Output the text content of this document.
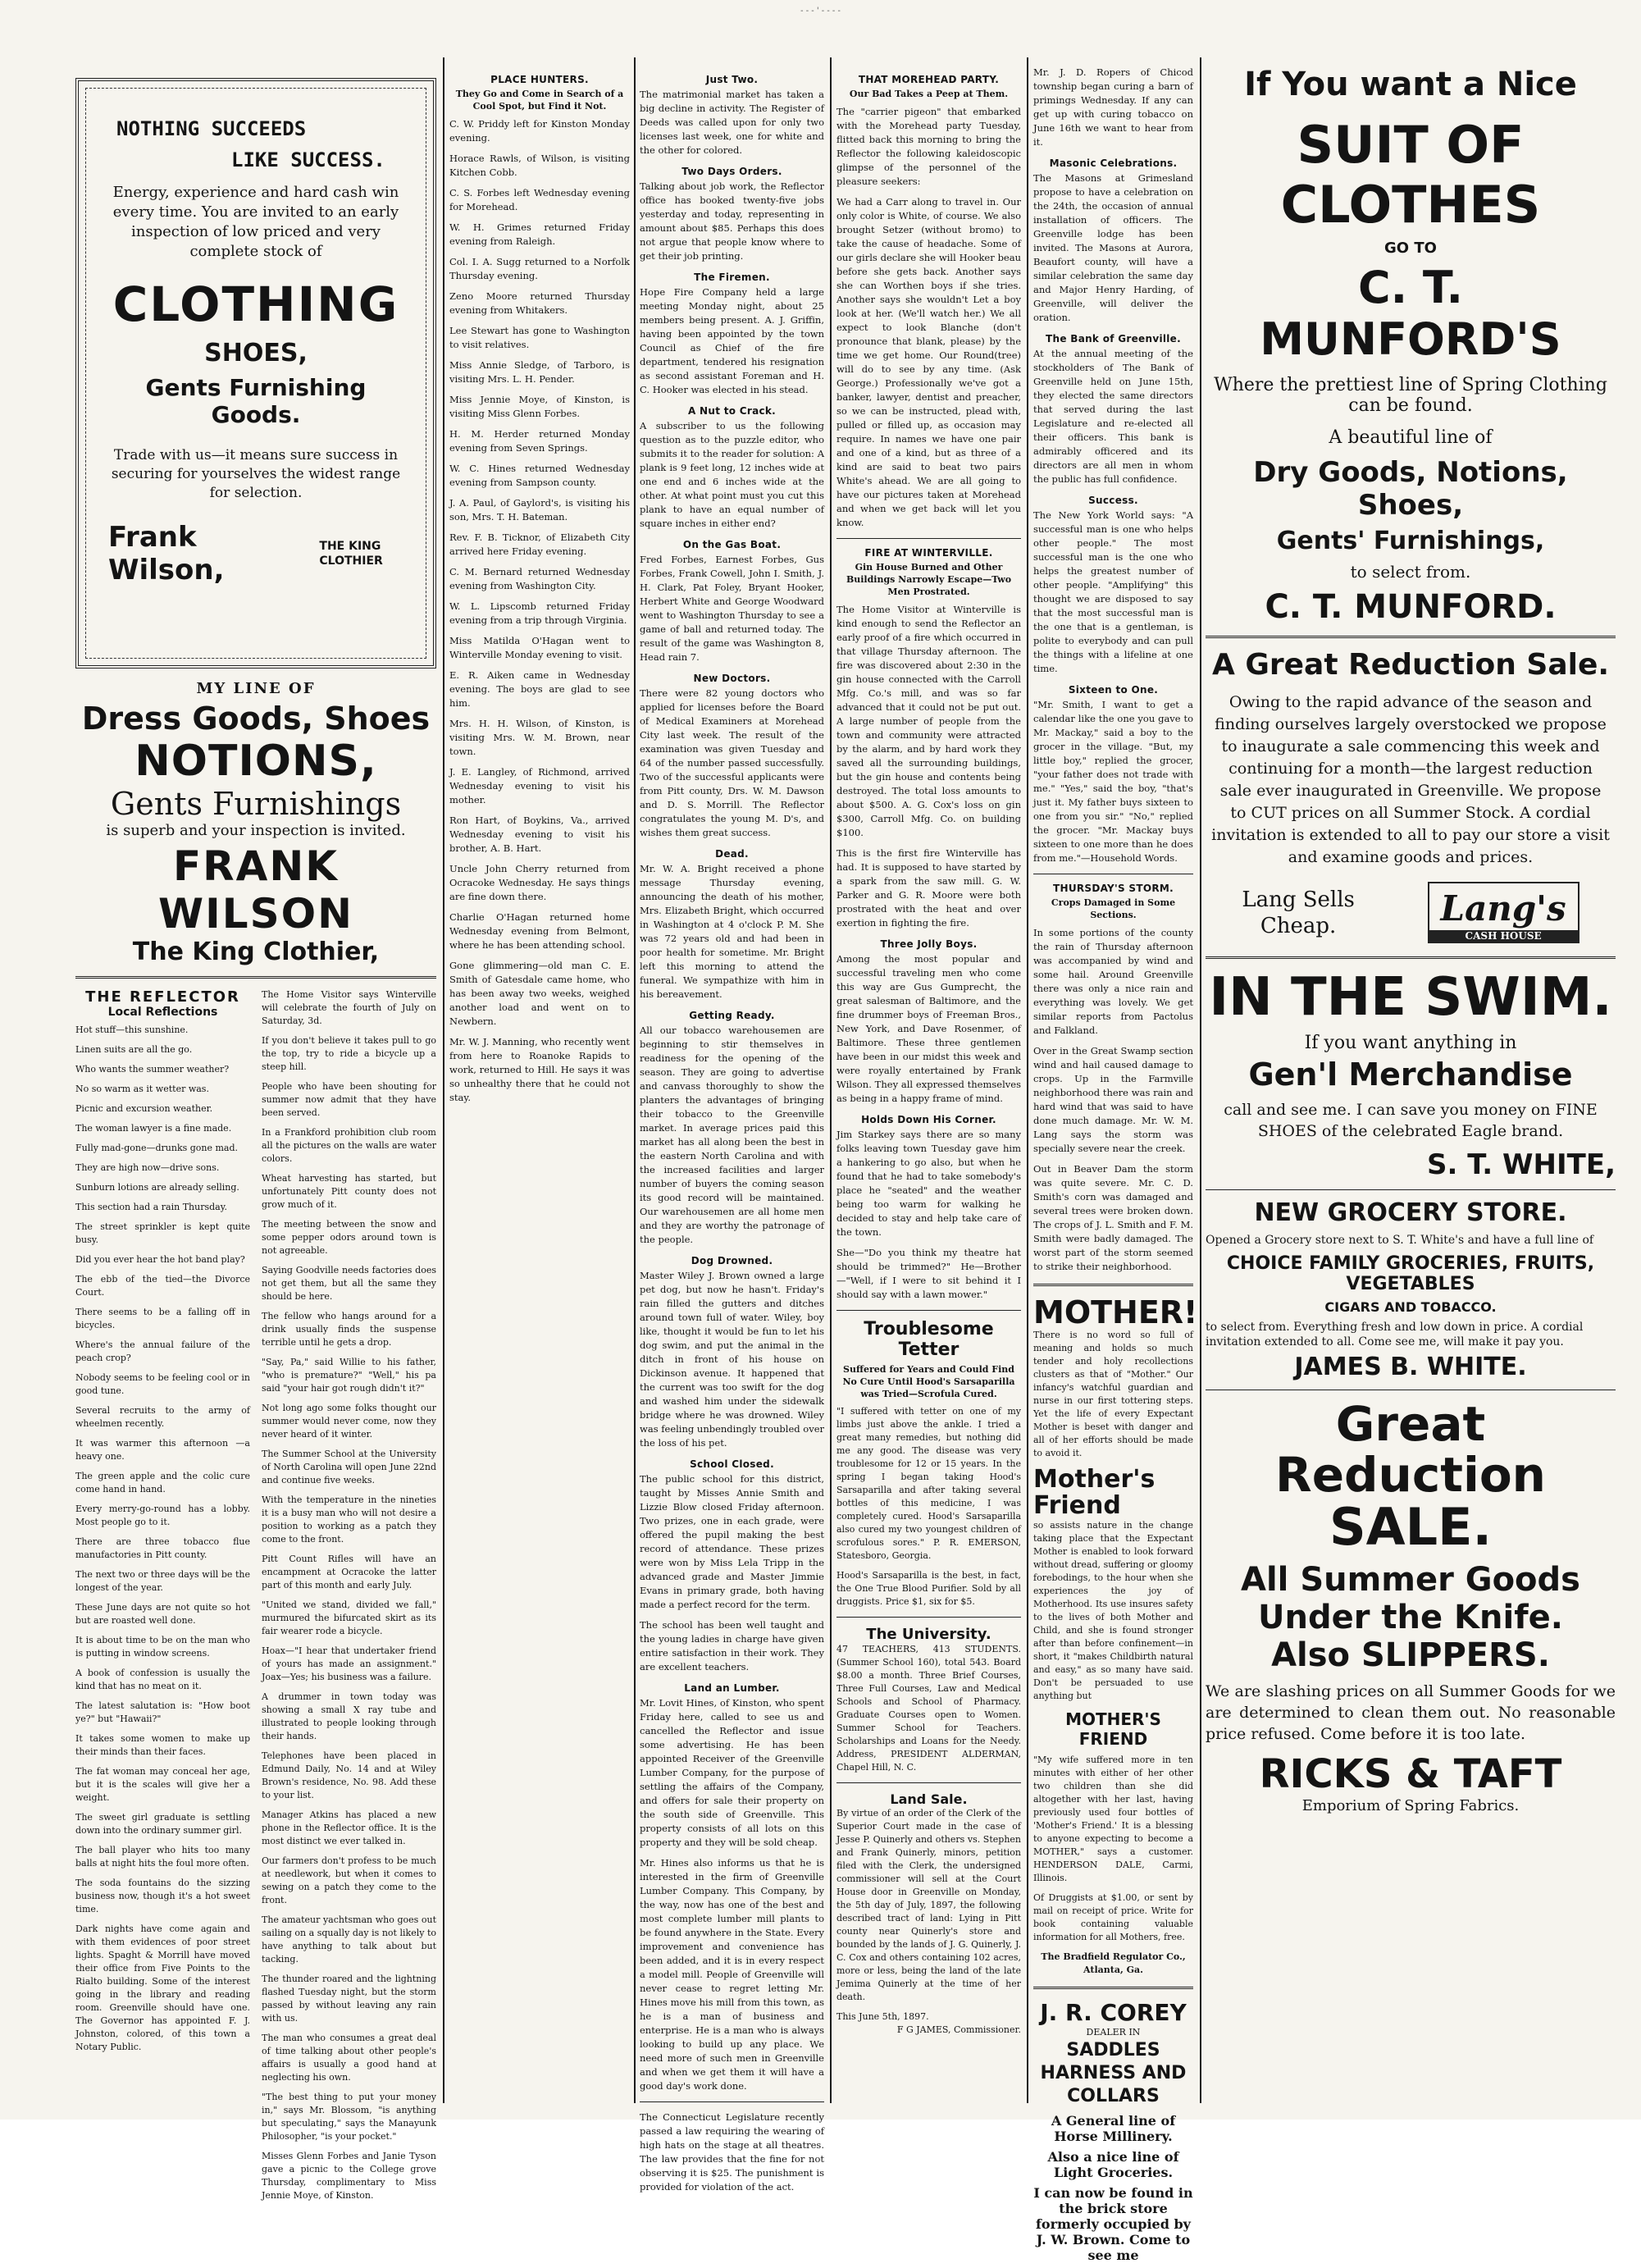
- - - ' - - - -
NOTHING SUCCEEDS
LIKE SUCCESS.

Energy, experience and hard cash win every time. You are invited to an early inspection of low priced and very complete stock of

CLOTHING
SHOES,
Gents Furnishing Goods.

Trade with us—it means sure success in securing for yourselves the widest range for selection.

Frank Wilson,
THE KING CLOTHIER
MY LINE OF
Dress Goods, Shoes
NOTIONS,
Gents Furnishings
is superb and your inspection is invited.
FRANK WILSON
The King Clothier,
THE REFLECTOR
Local Reflections

Hot stuff—this sunshine.

Linen suits are all the go.

Who wants the summer weather?

No so warm as it wetter was.

Picnic and excursion weather.

The woman lawyer is a fine made.

Fully mad-gone—drunks gone mad.

They are high now—drive sons.

Sunburn lotions are already selling.

This section had a rain Thursday.

The street sprinkler is kept quite busy.

Did you ever hear the hot band play?

The ebb of the tied—the Divorce Court.

There seems to be a falling off in bicycles.

Where's the annual failure of the peach crop?

Nobody seems to be feeling cool or in good tune.

Several recruits to the army of wheelmen recently.

It was warmer this afternoon —a heavy one.

The green apple and the colic cure come hand in hand.

Every merry-go-round has a lobby. Most people go to it.

There are three tobacco flue manufactories in Pitt county.

The next two or three days will be the longest of the year.

These June days are not quite so hot but are roasted well done.

It is about time to be on the man who is putting in window screens.

A book of confession is usually the kind that has no meat on it.

The latest salutation is: "How boot ye?" but "Hawaii?"

It takes some women to make up their minds than their faces.

The fat woman may conceal her age, but it is the scales will give her a weight.

The sweet girl graduate is settling down into the ordinary summer girl.

The ball player who hits too many balls at night hits the foul more often.

The soda fountains do the sizzing business now, though it's a hot sweet time.

Dark nights have come again and with them evidences of poor street lights. Spaght & Morrill have moved their office from Five Points to the Rialto building. Some of the interest going in the library and reading room. Greenville should have one. The Governor has appointed F. J. Johnston, colored, of this town a Notary Public.

The Home Visitor says Winterville will celebrate the fourth of July on Saturday, 3d.

If you don't believe it takes pull to go the top, try to ride a bicycle up a steep hill.

People who have been shouting for summer now admit that they have been served.

In a Frankford prohibition club room all the pictures on the walls are water colors.

Wheat harvesting has started, but unfortunately Pitt county does not grow much of it.

The meeting between the snow and some pepper odors around town is not agreeable.

Saying Goodville needs factories does not get them, but all the same they should be here.

The fellow who hangs around for a drink usually finds the suspense terrible until he gets a drop.

"Say, Pa," said Willie to his father, "who is premature?" "Well," his pa said "your hair got rough didn't it?"

Not long ago some folks thought our summer would never come, now they never heard of it winter.

The Summer School at the University of North Carolina will open June 22nd and continue five weeks.

With the temperature in the nineties it is a busy man who will not desire a position to working as a patch they come to the front.

Pitt Count Rifles will have an encampment at Ocracoke the latter part of this month and early July.

"United we stand, divided we fall," murmured the bifurcated skirt as its fair wearer rode a bicycle.

Hoax—"I hear that undertaker friend of yours has made an assignment." Joax—Yes; his business was a failure.

A drummer in town today was showing a small X ray tube and illustrated to people looking through their hands.

Telephones have been placed in Edmund Daily, No. 14 and at Wiley Brown's residence, No. 98. Add these to your list.

Manager Atkins has placed a new phone in the Reflector office. It is the most distinct we ever talked in.

Our farmers don't profess to be much at needlework, but when it comes to sewing on a patch they come to the front.

The amateur yachtsman who goes out sailing on a squally day is not likely to have anything to talk about but tacking.

The thunder roared and the lightning flashed Tuesday night, but the storm passed by without leaving any rain with us.

The man who consumes a great deal of time talking about other people's affairs is usually a good hand at neglecting his own.

"The best thing to put your money in," says Mr. Blossom, "is anything but speculating," says the Manayunk Philosopher, "is your pocket."

Misses Glenn Forbes and Janie Tyson gave a picnic to the College grove Thursday, complimentary to Miss Jennie Moye, of Kinston.

PLACE HUNTERS.
They Go and Come in Search of a Cool Spot, but Find it Not.

C. W. Priddy left for Kinston Monday evening.

Horace Rawls, of Wilson, is visiting Kitchen Cobb.

C. S. Forbes left Wednesday evening for Morehead.

W. H. Grimes returned Friday evening from Raleigh.

Col. I. A. Sugg returned to a Norfolk Thursday evening.

Zeno Moore returned Thursday evening from Whitakers.

Lee Stewart has gone to Washington to visit relatives.

Miss Annie Sledge, of Tarboro, is visiting Mrs. L. H. Pender.

Miss Jennie Moye, of Kinston, is visiting Miss Glenn Forbes.

H. M. Herder returned Monday evening from Seven Springs.

W. C. Hines returned Wednesday evening from Sampson county.

J. A. Paul, of Gaylord's, is visiting his son, Mrs. T. H. Bateman.

Rev. F. B. Ticknor, of Elizabeth City arrived here Friday evening.

C. M. Bernard returned Wednesday evening from Washington City.

W. L. Lipscomb returned Friday evening from a trip through Virginia.

Miss Matilda O'Hagan went to Winterville Monday evening to visit.

E. R. Aiken came in Wednesday evening. The boys are glad to see him.

Mrs. H. H. Wilson, of Kinston, is visiting Mrs. W. M. Brown, near town.

J. E. Langley, of Richmond, arrived Wednesday evening to visit his mother.

Ron Hart, of Boykins, Va., arrived Wednesday evening to visit his brother, A. B. Hart.

Uncle John Cherry returned from Ocracoke Wednesday. He says things are fine down there.

Charlie O'Hagan returned home Wednesday evening from Belmont, where he has been attending school.

Gone glimmering—old man C. E. Smith of Gatesdale came home, who has been away two weeks, weighed another load and went on to Newbern.

Mr. W. J. Manning, who recently went from here to Roanoke Rapids to work, returned to Hill. He says it was so unhealthy there that he could not stay.

Just Two.

The matrimonial market has taken a big decline in activity. The Register of Deeds was called upon for only two licenses last week, one for white and the other for colored.

Two Days Orders.

Talking about job work, the Reflector office has booked twenty-five jobs yesterday and today, representing in amount about $85. Perhaps this does not argue that people know where to get their job printing.

The Firemen.

Hope Fire Company held a large meeting Monday night, about 25 members being present. A. J. Griffin, having been appointed by the town Council as Chief of the fire department, tendered his resignation as second assistant Foreman and H. C. Hooker was elected in his stead.

A Nut to Crack.

A subscriber to us the following question as to the puzzle editor, who submits it to the reader for solution: A plank is 9 feet long, 12 inches wide at one end and 6 inches wide at the other. At what point must you cut this plank to have an equal number of square inches in either end?

On the Gas Boat.

Fred Forbes, Earnest Forbes, Gus Forbes, Frank Cowell, John I. Smith, J. H. Clark, Pat Foley, Bryant Hooker, Herbert White and George Woodward went to Washington Thursday to see a game of ball and returned today. The result of the game was Washington 8, Head rain 7.

New Doctors.

There were 82 young doctors who applied for licenses before the Board of Medical Examiners at Morehead City last week. The result of the examination was given Tuesday and 64 of the number passed successfully. Two of the successful applicants were from Pitt county, Drs. W. M. Dawson and D. S. Morrill. The Reflector congratulates the young M. D's, and wishes them great success.

Dead.

Mr. W. A. Bright received a phone message Thursday evening, announcing the death of his mother, Mrs. Elizabeth Bright, which occurred in Washington at 4 o'clock P. M. She was 72 years old and had been in poor health for sometime. Mr. Bright left this morning to attend the funeral. We sympathize with him in his bereavement.

Getting Ready.

All our tobacco warehousemen are beginning to stir themselves in readiness for the opening of the season. They are going to advertise and canvass thoroughly to show the planters the advantages of bringing their tobacco to the Greenville market. In average prices paid this market has all along been the best in the eastern North Carolina and with the increased facilities and larger number of buyers the coming season its good record will be maintained. Our warehousemen are all home men and they are worthy the patronage of the people.

Dog Drowned.

Master Wiley J. Brown owned a large pet dog, but now he hasn't. Friday's rain filled the gutters and ditches around town full of water. Wiley, boy like, thought it would be fun to let his dog swim, and put the animal in the ditch in front of his house on Dickinson avenue. It happened that the current was too swift for the dog and washed him under the sidewalk bridge where he was drowned. Wiley was feeling unbendingly troubled over the loss of his pet.

School Closed.

The public school for this district, taught by Misses Annie Smith and Lizzie Blow closed Friday afternoon. Two prizes, one in each grade, were offered the pupil making the best record of attendance. These prizes were won by Miss Lela Tripp in the advanced grade and Master Jimmie Evans in primary grade, both having made a perfect record for the term.

The school has been well taught and the young ladies in charge have given entire satisfaction in their work. They are excellent teachers.

Land an Lumber.

Mr. Lovit Hines, of Kinston, who spent Friday here, called to see us and cancelled the Reflector and issue some advertising. He has been appointed Receiver of the Greenville Lumber Company, for the purpose of settling the affairs of the Company, and offers for sale their property on the south side of Greenville. This property consists of all lots on this property and they will be sold cheap.

Mr. Hines also informs us that he is interested in the firm of Greenville Lumber Company. This Company, by the way, now has one of the best and most complete lumber mill plants to be found anywhere in the State. Every improvement and convenience has been added, and it is in every respect a model mill. People of Greenville will never cease to regret letting Mr. Hines move his mill from this town, as he is a man of business and enterprise. He is a man who is always looking to build up any place. We need more of such men in Greenville and when we get them it will have a good day's work done.

The Connecticut Legislature recently passed a law requiring the wearing of high hats on the stage at all theatres. The law provides that the fine for not observing it is $25. The punishment is provided for violation of the act.

THAT MOREHEAD PARTY.
Our Bad Takes a Peep at Them.

The "carrier pigeon" that embarked with the Morehead party Tuesday, flitted back this morning to bring the Reflector the following kaleidoscopic glimpse of the personnel of the pleasure seekers:

We had a Carr along to travel in. Our only color is White, of course. We also brought Setzer (without bromo) to take the cause of headache. Some of our girls declare she will Hooker beau before she gets back. Another says she can Worthen boys if she tries. Another says she wouldn't Let a boy look at her. (We'll watch her.) We all expect to look Blanche (don't pronounce that blank, please) by the time we get home. Our Round(tree) will do to see by any time. (Ask George.) Professionally we've got a banker, lawyer, dentist and preacher, so we can be instructed, plead with, pulled or filled up, as occasion may require. In names we have one pair and one of a kind, but as three of a kind are said to beat two pairs White's ahead. We are all going to have our pictures taken at Morehead and when we get back will let you know.

FIRE AT WINTERVILLE.
Gin House Burned and Other Buildings Narrowly Escape—Two Men Prostrated.

The Home Visitor at Winterville is kind enough to send the Reflector an early proof of a fire which occurred in that village Thursday afternoon. The fire was discovered about 2:30 in the gin house connected with the Carroll Mfg. Co.'s mill, and was so far advanced that it could not be put out. A large number of people from the town and community were attracted by the alarm, and by hard work they saved all the surrounding buildings, but the gin house and contents being destroyed. The total loss amounts to about $500. A. G. Cox's loss on gin $300, Carroll Mfg. Co. on building $100.

This is the first fire Winterville has had. It is supposed to have started by a spark from the saw mill. G. W. Parker and G. R. Moore were both prostrated with the heat and over exertion in fighting the fire.

Three Jolly Boys.

Among the most popular and successful traveling men who come this way are Gus Gumprecht, the great salesman of Baltimore, and the fine drummer boys of Freeman Bros., New York, and Dave Rosenmer, of Baltimore. These three gentlemen have been in our midst this week and were royally entertained by Frank Wilson. They all expressed themselves as being in a happy frame of mind.

Holds Down His Corner.

Jim Starkey says there are so many folks leaving town Tuesday gave him a hankering to go also, but when he found that he had to take somebody's place he "seated" and the weather being too warm for walking he decided to stay and help take care of the town.

She—"Do you think my theatre hat should be trimmed?" He—Brother—"Well, if I were to sit behind it I should say with a lawn mower."

Troublesome Tetter
Suffered for Years and Could Find No Cure Until Hood's Sarsaparilla was Tried—Scrofula Cured.

"I suffered with tetter on one of my limbs just above the ankle. I tried a great many remedies, but nothing did me any good. The disease was very troublesome for 12 or 15 years. In the spring I began taking Hood's Sarsaparilla and after taking several bottles of this medicine, I was completely cured. Hood's Sarsaparilla also cured my two youngest children of scrofulous sores." P. R. EMERSON, Statesboro, Georgia.

Hood's Sarsaparilla is the best, in fact, the One True Blood Purifier. Sold by all druggists. Price $1, six for $5.

The University.

47 TEACHERS, 413 STUDENTS. (Summer School 160), total 543. Board $8.00 a month. Three Brief Courses, Three Full Courses, Law and Medical Schools and School of Pharmacy. Graduate Courses open to Women. Summer School for Teachers. Scholarships and Loans for the Needy. Address, PRESIDENT ALDERMAN, Chapel Hill, N. C.

Land Sale.

By virtue of an order of the Clerk of the Superior Court made in the case of Jesse P. Quinerly and others vs. Stephen and Frank Quinerly, minors, petition filed with the Clerk, the undersigned commissioner will sell at the Court House door in Greenville on Monday, the 5th day of July, 1897, the following described tract of land: Lying in Pitt county near Quinerly's store and bounded by the lands of J. G. Quinerly, J. C. Cox and others containing 102 acres, more or less, being the land of the late Jemima Quinerly at the time of her death.

This June 5th, 1897.
F G JAMES, Commissioner.

Mr. J. D. Ropers of Chicod township began curing a barn of primings Wednesday. If any can get up with curing tobacco on June 16th we want to hear from it.

Masonic Celebrations.

The Masons at Grimesland propose to have a celebration on the 24th, the occasion of annual installation of officers. The Greenville lodge has been invited. The Masons at Aurora, Beaufort county, will have a similar celebration the same day and Major Henry Harding, of Greenville, will deliver the oration.

The Bank of Greenville.

At the annual meeting of the stockholders of The Bank of Greenville held on June 15th, they elected the same directors that served during the last Legislature and re-elected all their officers. This bank is admirably officered and its directors are all men in whom the public has full confidence.

Success.

The New York World says: "A successful man is one who helps other people." The most successful man is the one who helps the greatest number of other people. "Amplifying" this thought we are disposed to say that the most successful man is the one that is a gentleman, is polite to everybody and can pull the things with a lifeline at one time.

Sixteen to One.

"Mr. Smith, I want to get a calendar like the one you gave to Mr. Mackay," said a boy to the grocer in the village. "But, my little boy," replied the grocer, "your father does not trade with me." "Yes," said the boy, "that's just it. My father buys sixteen to one from you sir." "No," replied the grocer. "Mr. Mackay buys sixteen to one more than he does from me."—Household Words.

THURSDAY'S STORM.
Crops Damaged in Some Sections.

In some portions of the county the rain of Thursday afternoon was accompanied by wind and some hail. Around Greenville there was only a nice rain and everything was lovely. We get similar reports from Pactolus and Falkland.

Over in the Great Swamp section wind and hail caused damage to crops. Up in the Farmville neighborhood there was rain and hard wind that was said to have done much damage. Mr. W. M. Lang says the storm was specially severe near the creek.

Out in Beaver Dam the storm was quite severe. Mr. C. D. Smith's corn was damaged and several trees were broken down. The crops of J. L. Smith and F. M. Smith were badly damaged. The worst part of the storm seemed to strike their neighborhood.

MOTHER!

There is no word so full of meaning and holds so much tender and holy recollections clusters as that of "Mother." Our infancy's watchful guardian and nurse in our first tottering steps. Yet the life of every Expectant Mother is beset with danger and all of her efforts should be made to avoid it.

Mother's Friend

so assists nature in the change taking place that the Expectant Mother is enabled to look forward without dread, suffering or gloomy forebodings, to the hour when she experiences the joy of Motherhood. Its use insures safety to the lives of both Mother and Child, and she is found stronger after than before confinement—in short, it "makes Childbirth natural and easy," as so many have said. Don't be persuaded to use anything but

MOTHER'S FRIEND

"My wife suffered more in ten minutes with either of her other two children than she did altogether with her last, having previously used four bottles of 'Mother's Friend.' It is a blessing to anyone expecting to become a MOTHER," says a customer. HENDERSON DALE, Carmi, Illinois.

Of Druggists at $1.00, or sent by mail on receipt of price. Write for book containing valuable information for all Mothers, free.

The Bradfield Regulator Co., Atlanta, Ga.
J. R. COREY
DEALER IN
SADDLES HARNESS AND COLLARS
A General line of Horse Millinery.
Also a nice line of Light Groceries.
I can now be found in the brick store formerly occupied by J. W. Brown. Come to see me
If You want a Nice
SUIT OF CLOTHES
GO TO
C. T. MUNFORD'S
Where the prettiest line of Spring Clothing can be found.
A beautiful line of
Dry Goods, Notions, Shoes,
Gents' Furnishings,
to select from.
C. T. MUNFORD.
A Great Reduction Sale.

Owing to the rapid advance of the season and finding ourselves largely overstocked we propose to inaugurate a sale commencing this week and continuing for a month—the largest reduction sale ever inaugurated in Greenville. We propose to CUT prices on all Summer Stock. A cordial invitation is extended to all to pay our store a visit and examine goods and prices.

Lang Sells
Cheap.	Lang's
CASH HOUSE
IN THE SWIM.
If you want anything in
Gen'l Merchandise

call and see me. I can save you money on FINE SHOES of the celebrated Eagle brand.

S. T. WHITE,
NEW GROCERY STORE.
Opened a Grocery store next to S. T. White's and have a full line of
CHOICE FAMILY GROCERIES, FRUITS, VEGETABLES
CIGARS AND TOBACCO.
to select from. Everything fresh and low down in price. A cordial invitation extended to all. Come see me, will make it pay you.
JAMES B. WHITE.
Great Reduction
SALE.
All Summer Goods
Under the Knife.
Also SLIPPERS.

We are slashing prices on all Summer Goods for we are determined to clean them out. No reasonable price refused. Come before it is too late.

RICKS & TAFT
Emporium of Spring Fabrics.
